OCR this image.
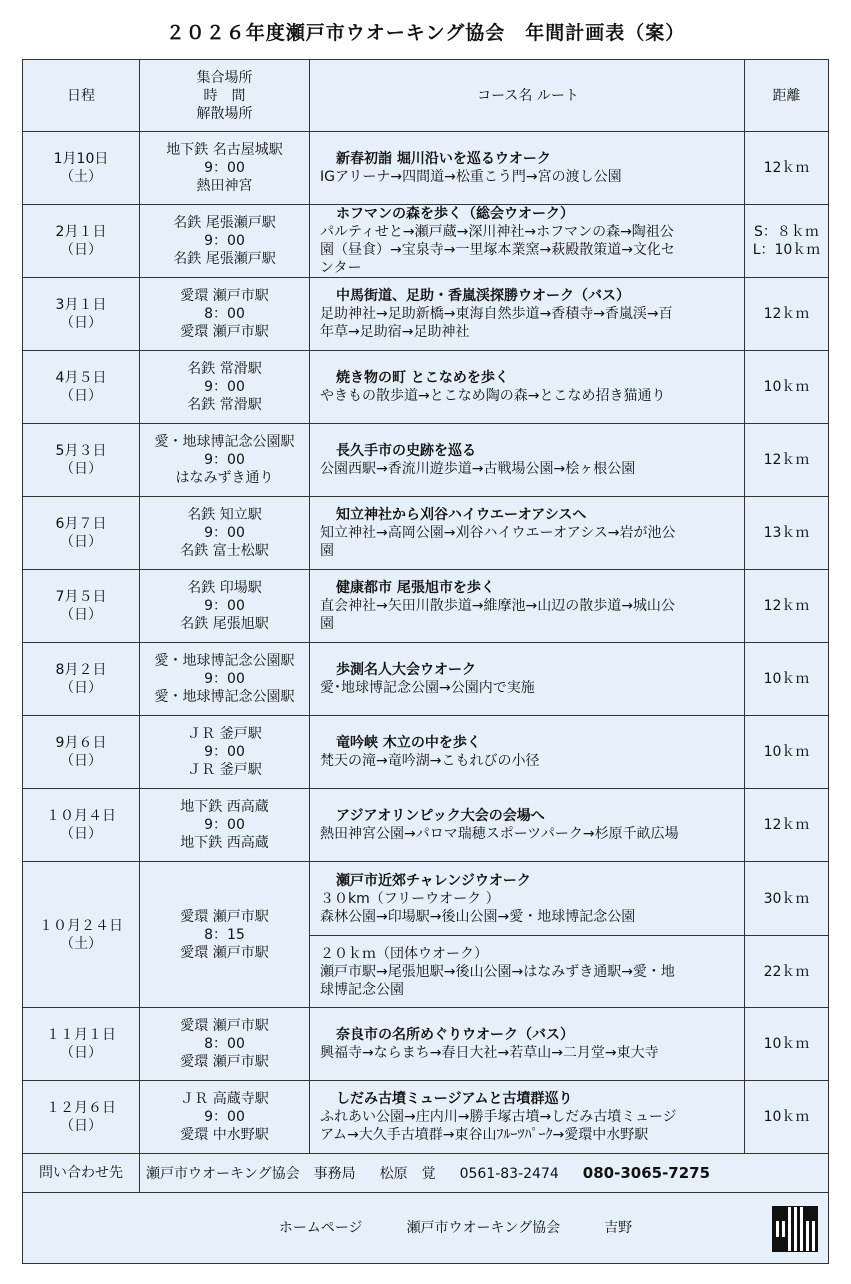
２０２６年度瀬戸市ウオーキング協会　年間計画表（案）
日程	集合場所
時　間
解散場所	コース名 ルート	距離

1月10日
（土）	地下鉄 名古屋城駅
9：00
熱田神宮	新春初詣 堀川沿いを巡るウオーク
IGアリーナ→四間道→松重こう門→宮の渡し公園	12ｋｍ

2月１日
（日）	名鉄 尾張瀬戸駅
9：00
名鉄 尾張瀬戸駅	ホフマンの森を歩く（総会ウオーク）
パルティせと→瀬戸蔵→深川神社→ホフマンの森→陶祖公
園（昼食）→宝泉寺→一里塚本業窯→萩殿散策道→文化セ
ンター	S：８ｋｍ
L：10ｋｍ

3月１日
（日）	愛環 瀬戸市駅
8：00
愛環 瀬戸市駅	中馬街道、足助・香嵐渓探勝ウオーク（バス）
足助神社→足助新橋→東海自然歩道→香積寺→香嵐渓→百
年草→足助宿→足助神社	12ｋｍ

4月５日
（日）	名鉄 常滑駅
9：00
名鉄 常滑駅	焼き物の町 とこなめを歩く
やきもの散歩道→とこなめ陶の森→とこなめ招き猫通り	10ｋｍ

5月３日
（日）	愛・地球博記念公園駅
9：00
はなみずき通り	長久手市の史跡を巡る
公園西駅→香流川遊歩道→古戦場公園→桧ヶ根公園	12ｋｍ

6月７日
（日）	名鉄 知立駅
9：00
名鉄 富士松駅	知立神社から刈谷ハイウエーオアシスへ
知立神社→高岡公園→刈谷ハイウエーオアシス→岩が池公
園	13ｋｍ

7月５日
（日）	名鉄 印場駅
9：00
名鉄 尾張旭駅	健康都市 尾張旭市を歩く
直会神社→矢田川散歩道→維摩池→山辺の散歩道→城山公
園	12ｋｍ

8月２日
（日）	愛・地球博記念公園駅
9：00
愛・地球博記念公園駅	歩測名人大会ウオーク
愛･地球博記念公園→公園内で実施	10ｋｍ

9月６日
（日）	ＪＲ 釜戸駅
9：00
ＪＲ 釜戸駅	竜吟峡 木立の中を歩く
梵天の滝→竜吟湖→こもれびの小径	10ｋｍ

１０月４日
（日）	地下鉄 西高蔵
9：00
地下鉄 西高蔵	アジアオリンピック大会の会場へ
熱田神宮公園→パロマ瑞穂スポーツパーク→杉原千畝広場	12ｋｍ

１０月２４日
（土）	愛環 瀬戸市駅
8：15
愛環 瀬戸市駅	瀬戸市近郊チャレンジウオーク
３０km（フリーウオーク ）
森林公園→印場駅→後山公園→愛・地球博記念公園	30ｋｍ

		２０ｋｍ（団体ウオーク）
瀬戸市駅→尾張旭駅→後山公園→はなみずき通駅→愛・地
球博記念公園	22ｋｍ

１１月１日
（日）	愛環 瀬戸市駅
8：00
愛環 瀬戸市駅	奈良市の名所めぐりウオーク（バス）
興福寺→ならまち→春日大社→若草山→二月堂→東大寺	10ｋｍ

１２月６日
（日）	ＪＲ 高蔵寺駅
9：00
愛環 中水野駅	しだみ古墳ミュージアムと古墳群巡り
ふれあい公園→庄内川→勝手塚古墳→しだみ古墳ミュージ
アム→大久手古墳群→東谷山ﾌﾙｰﾂﾊﾟｰｸ→愛環中水野駅	10ｋｍ

問い合わせ先	瀬戸市ウオーキング協会　事務局 松原　覚 0561-83-2474 080-3065-7275		
ホームページ 瀬戸市ウオーキング協会 吉野			
